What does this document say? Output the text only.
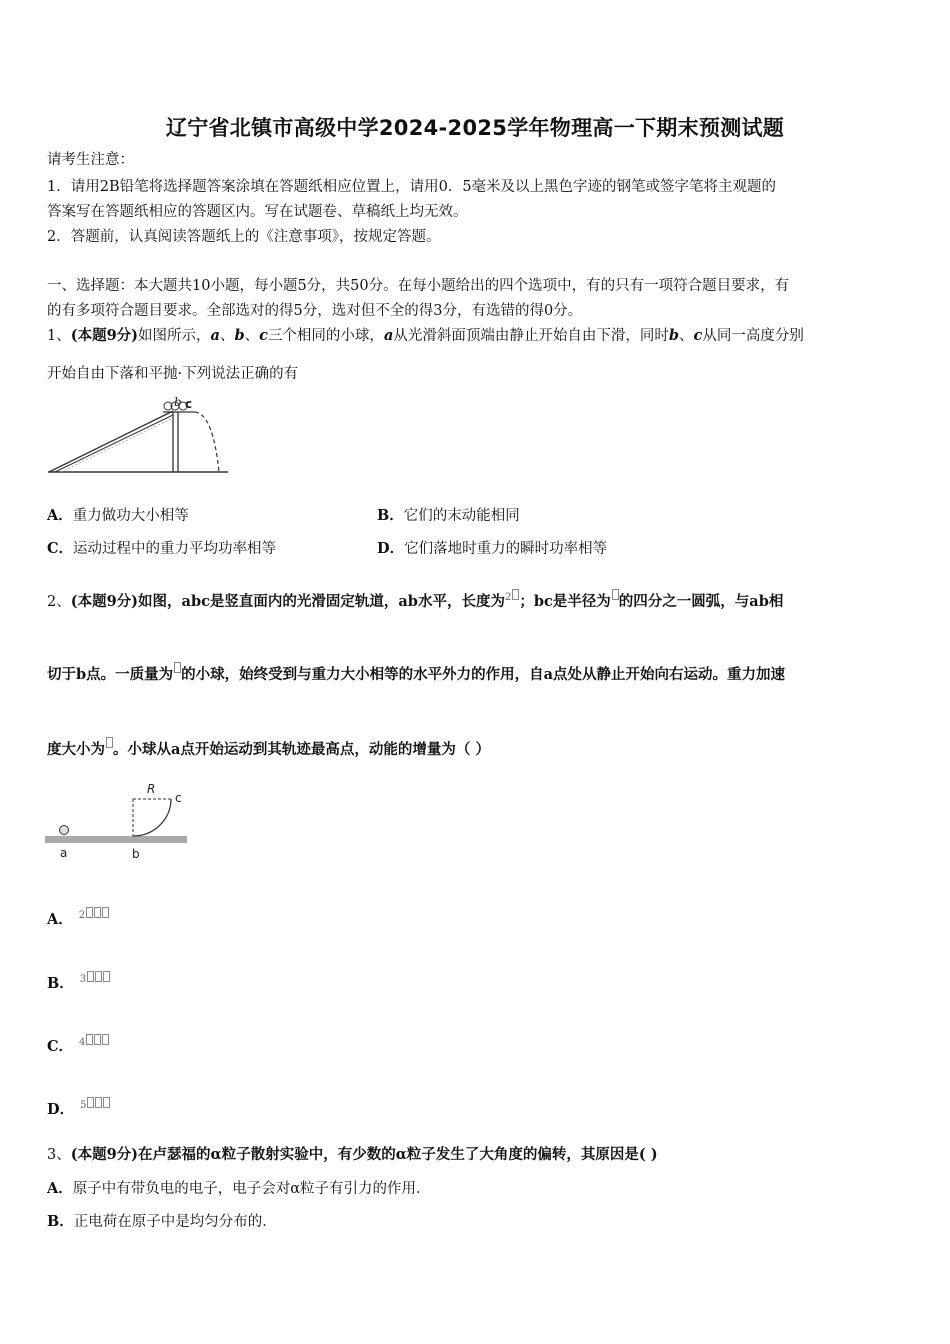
辽宁省北镇市高级中学2024-2025学年物理高一下期末预测试题
请考生注意：
1．请用2B铅笔将选择题答案涂填在答题纸相应位置上，请用0．5毫米及以上黑色字迹的钢笔或签字笔将主观题的
答案写在答题纸相应的答题区内。写在试题卷、草稿纸上均无效。
2．答题前，认真阅读答题纸上的《注意事项》，按规定答题。
一、选择题：本大题共10小题，每小题5分，共50分。在每小题给出的四个选项中，有的只有一项符合题目要求，有
的有多项符合题目要求。全部选对的得5分，选对但不全的得3分，有选错的得0分。
1、(本题9分)如图所示，a、b、c三个相同的小球，a从光滑斜面顶端由静止开始自由下滑，同时b、c从同一高度分别
开始自由下落和平抛·下列说法正确的有
b c
A．重力做功大小相等	B．它们的末动能相同
C．运动过程中的重力平均功率相等	D．它们落地时重力的瞬时功率相等
2、(本题9分)如图，abc是竖直面内的光滑固定轨道，ab水平，长度为2 ；bc是半径为 的四分之一圆弧，与ab相
切于b点。一质量为 的小球，始终受到与重力大小相等的水平外力的作用，自a点处从静止开始向右运动。重力加速
度大小为 。小球从a点开始运动到其轨迹最高点，动能的增量为（ ）
R
c
a	b
A． 2
B． 3
C． 4
D． 5
3、(本题9分)在卢瑟福的α粒子散射实验中，有少数的α粒子发生了大角度的偏转，其原因是( )
A．原子中有带负电的电子，电子会对α粒子有引力的作用．
B．正电荷在原子中是均匀分布的．
